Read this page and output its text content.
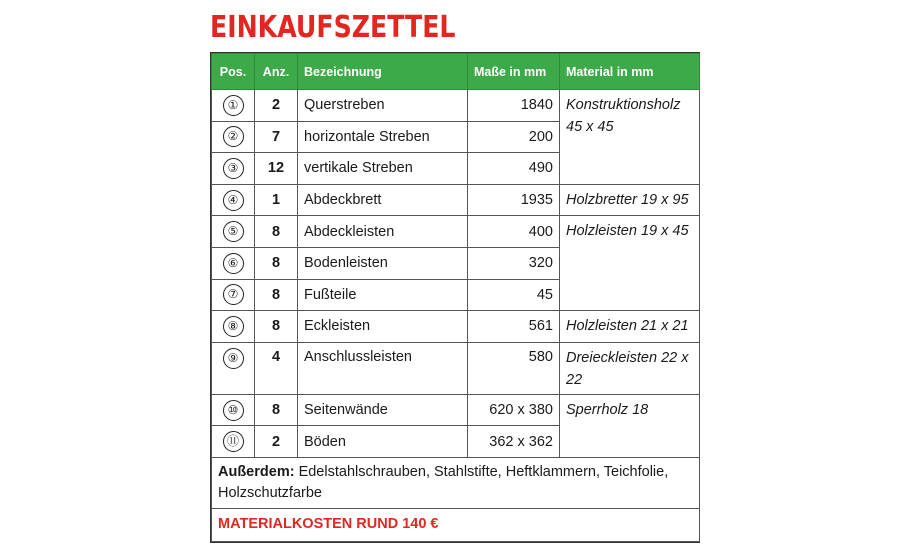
EINKAUFSZETTEL
Pos.	Anz.	Bezeichnung	Maße in mm	Material in mm
①	2	Querstreben	1840	Konstruktionsholz 45 x 45
②	7	horizontale Streben	200	
③	12	vertikale Streben	490	
④	1	Abdeckbrett	1935	Holzbretter 19 x 95
⑤	8	Abdeckleisten	400	Holzleisten 19 x 45
⑥	8	Bodenleisten	320	
⑦	8	Fußteile	45	
⑧	8	Eckleisten	561	Holzleisten 21 x 21
⑨	4	Anschlussleisten	580	Dreieckleisten 22 x 22
⑩	8	Seitenwände	620 x 380	Sperrholz 18
⑪	2	Böden	362 x 362	
Außerdem: Edelstahlschrauben, Stahlstifte, Heftklammern, Teichfolie, Holzschutzfarbe				
MATERIALKOSTEN RUND 140 €				
